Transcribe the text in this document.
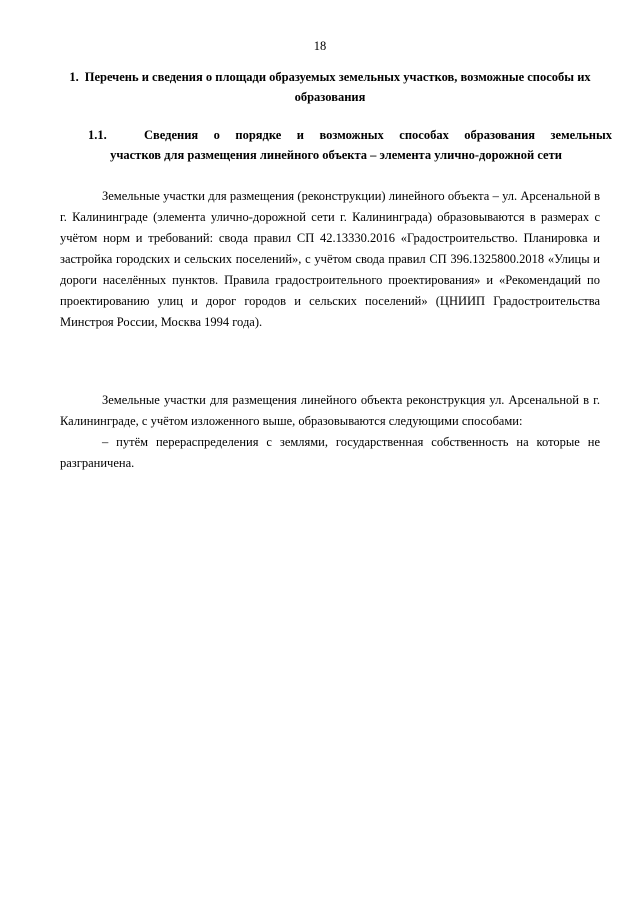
18
1. Перечень и сведения о площади образуемых земельных участков, возможные способы их образования
1.1.	Сведения о порядке и возможных способах образования земельных
участков для размещения линейного объекта – элемента улично-дорожной сети

Земельные участки для размещения (реконструкции) линейного объекта – ул. Арсенальной в г. Калининграде (элемента улично-дорожной сети г. Калининграда) образовываются в размерах с учётом норм и требований: свода правил СП 42.13330.2016 «Градостроительство. Планировка и застройка городских и сельских поселений», с учётом свода правил СП 396.1325800.2018 «Улицы и дороги населённых пунктов. Правила градостроительного проектирования» и «Рекомендаций по проектированию улиц и дорог городов и сельских поселений» (ЦНИИП Градостроительства Минстроя России, Москва 1994 года).

Земельные участки для размещения линейного объекта реконструкция ул. Арсенальной в г. Калининграде, с учётом изложенного выше, образовываются следующими способами:

– путём перераспределения с землями, государственная собственность на которые не разграничена.
